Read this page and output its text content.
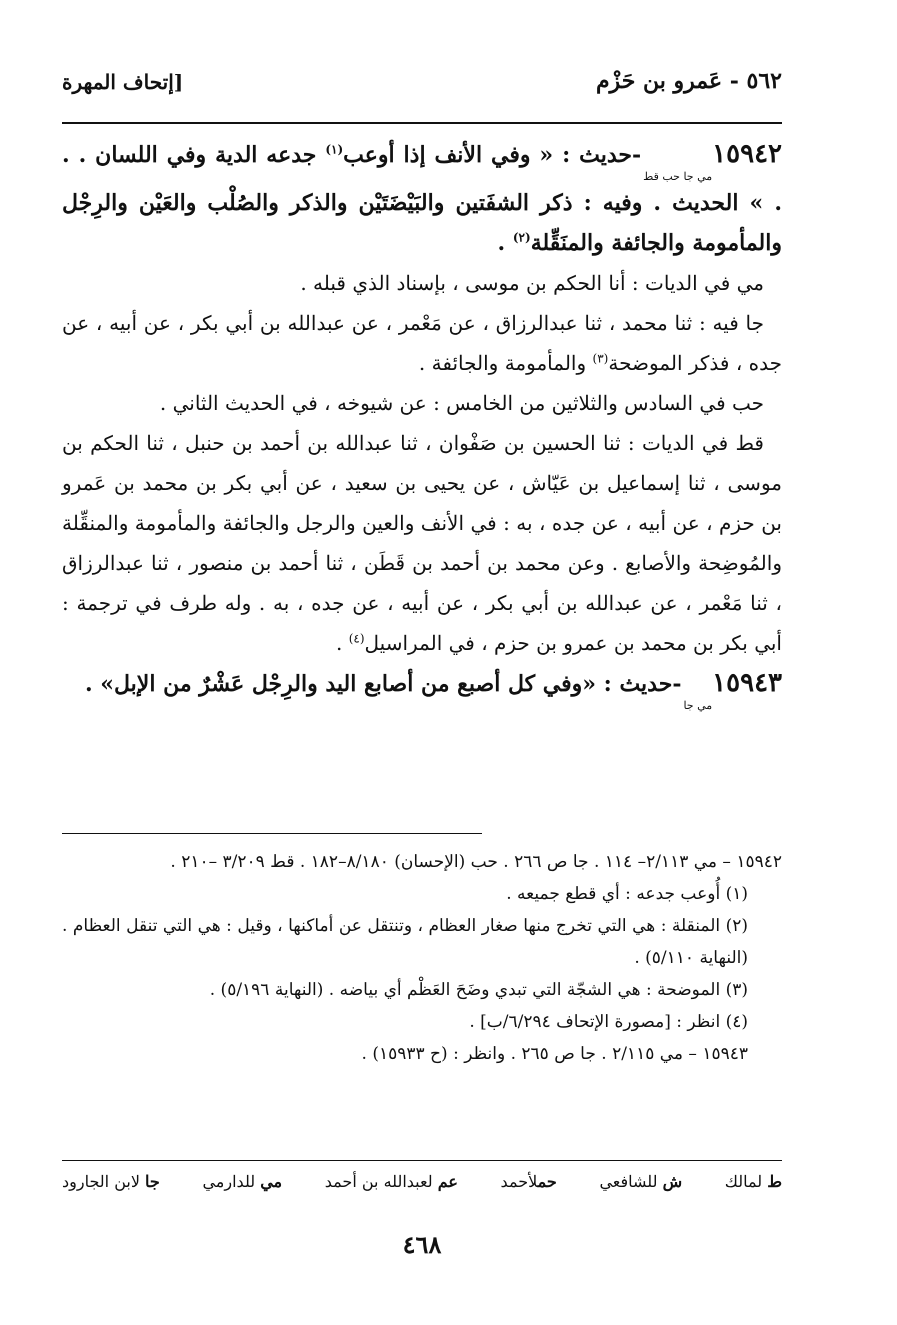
٥٦٢ - عَمرو بن حَزْم
[إتحاف المهرة

١٥٩٤٢مي جا حب قط-حديث : « وفي الأنف إذا أوعب$^{(١)}$ جدعه الدية وفي اللسان . . . » الحديث . وفيه : ذكر الشفَتين والبَيْضَتَيْن والذكر والصُلْب والعَيْن والرِجْل والمأمومة والجائفة والمنَقِّلة$^{(٢)}$ .

مي في الديات : أنا الحكم بن موسى ، بإسناد الذي قبله .

جا فيه : ثنا محمد ، ثنا عبدالرزاق ، عن مَعْمر ، عن عبدالله بن أبي بكر ، عن أبيه ، عن جده ، فذكر الموضحة$^{(٣)}$ والمأمومة والجائفة .

حب في السادس والثلاثين من الخامس : عن شيوخه ، في الحديث الثاني .

قط في الديات : ثنا الحسين بن صَفْوان ، ثنا عبدالله بن أحمد بن حنبل ، ثنا الحكم بن موسى ، ثنا إسماعيل بن عَيّاش ، عن يحيى بن سعيد ، عن أبي بكر بن محمد بن عَمرو بن حزم ، عن أبيه ، عن جده ، به : في الأنف والعين والرجل والجائفة والمأمومة والمنقِّلة والمُوضِحة والأصابع . وعن محمد بن أحمد بن قَطَن ، ثنا أحمد بن منصور ، ثنا عبدالرزاق ، ثنا مَعْمر ، عن عبدالله بن أبي بكر ، عن أبيه ، عن جده ، به . وله طرف في ترجمة : أبي بكر بن محمد بن عمرو بن حزم ، في المراسيل$^{(٤)}$ .

١٥٩٤٣مي جا-حديث : «وفي كل أصبع من أصابع اليد والرِجْل عَشْرٌ من الإبل» .

١٥٩٤٢ – مي ٢/١١٣– ١١٤ . جا ص ٢٦٦ . حب (الإحسان) ٨/١٨٠–١٨٢ . قط ٣/٢٠٩ –٢١٠ .

(١) أُوعب جدعه : أي قطع جميعه .

(٢) المنقلة : هي التي تخرج منها صغار العظام ، وتنتقل عن أماكنها ، وقيل : هي التي تنقل العظام . (النهاية ٥/١١٠) .

(٣) الموضحة : هي الشجّة التي تبدي وضَحَ العَظْم أي بياضه . (النهاية ٥/١٩٦) .

(٤) انظر : [مصورة الإتحاف ٦/٢٩٤/ب] .

١٥٩٤٣ – مي ٢/١١٥ . جا ص ٢٦٥ . وانظر : (ح ١٥٩٣٣) .

ط لمالك
ش للشافعي
حملأحمد
عم لعبدالله بن أحمد
مي للدارمي
جا لابن الجارود
٤٦٨
